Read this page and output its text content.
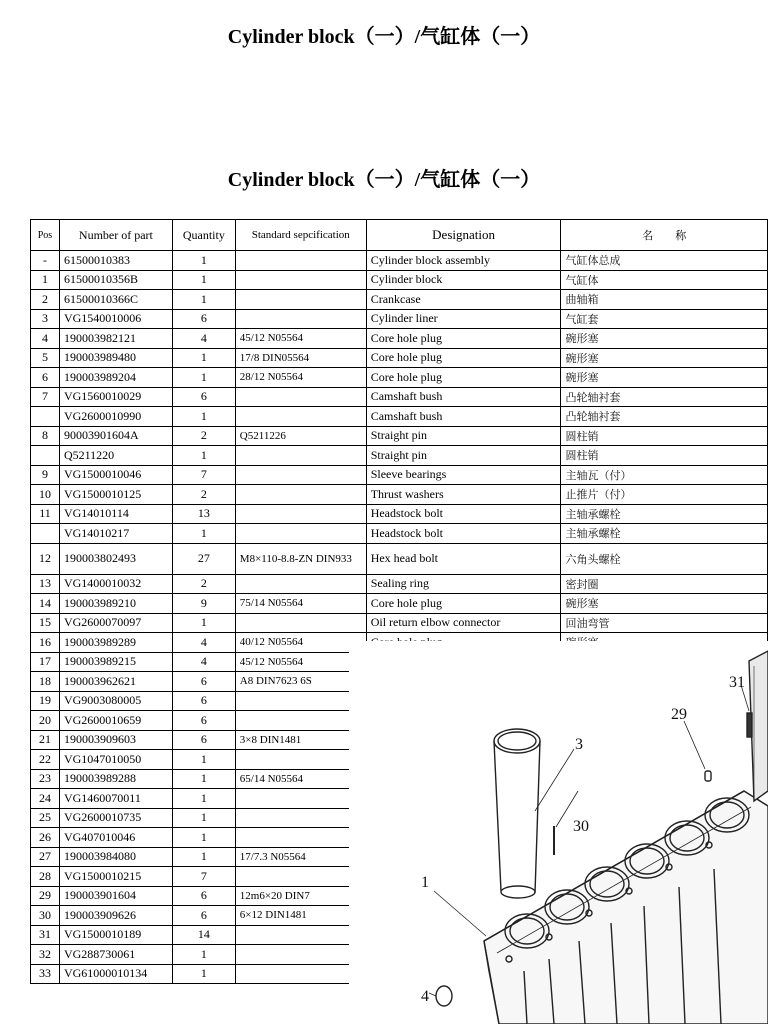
Cylinder block（一）/气缸体（一）
Cylinder block（一）/气缸体（一）
Pos	Number of part	Quantity	Standard sepcification	Designation	名　　称
-	61500010383	1		Cylinder block assembly	气缸体总成
1	61500010356B	1		Cylinder block	气缸体
2	61500010366C	1		Crankcase	曲轴箱
3	VG1540010006	6		Cylinder liner	气缸套
4	190003982121	4	45/12 N05564	Core hole plug	碗形塞
5	190003989480	1	17/8 DIN05564	Core hole plug	碗形塞
6	190003989204	1	28/12 N05564	Core hole plug	碗形塞
7	VG1560010029	6		Camshaft bush	凸轮轴衬套
	VG2600010990	1		Camshaft bush	凸轮轴衬套
8	90003901604A	2	Q5211226	Straight pin	圆柱销
	Q5211220	1		Straight pin	圆柱销
9	VG1500010046	7		Sleeve bearings	主轴瓦（付）
10	VG1500010125	2		Thrust washers	止推片（付）
11	VG14010114	13		Headstock bolt	主轴承螺栓
	VG14010217	1		Headstock bolt	主轴承螺栓
12	190003802493	27	M8×110-8.8-ZN DIN933	Hex head bolt	六角头螺栓
13	VG1400010032	2		Sealing ring	密封圈
14	190003989210	9	75/14 N05564	Core hole plug	碗形塞
15	VG2600070097	1		Oil return elbow connector	回油弯管
16	190003989289	4	40/12 N05564		
17	190003989215	4	45/12 N05564		
18	190003962621	6	A8 DIN7623 6S		
19	VG9003080005	6			
20	VG2600010659	6			
21	190003909603	6	3×8 DIN1481		
22	VG1047010050	1			
23	190003989288	1	65/14 N05564		
24	VG1460070011	1			
25	VG2600010735	1			
26	VG407010046	1			
27	190003984080	1	17/7.3 N05564		
28	VG1500010215	7			
29	190003901604	6	12m6×20 DIN7		
30	190003909626	6	6×12 DIN1481		
31	VG1500010189	14			
32	VG288730061	1			
33	VG61000010134	1			
3
29
31
30
1
4
